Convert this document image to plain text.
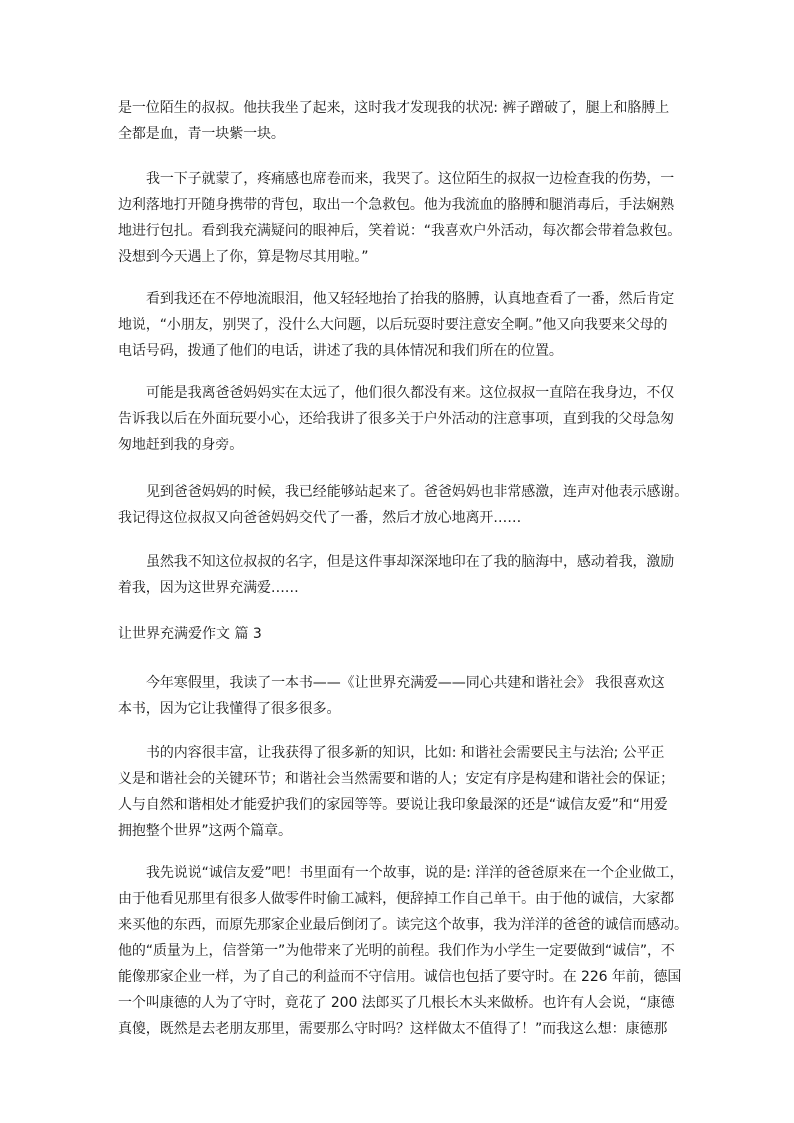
是一位陌生的叔叔。他扶我坐了起来，这时我才发现我的状况: 裤子蹭破了，腿上和胳膊上
全都是血，青一块紫一块。

我一下子就蒙了，疼痛感也席卷而来，我哭了。这位陌生的叔叔一边检查我的伤势，一
边利落地打开随身携带的背包，取出一个急救包。他为我流血的胳膊和腿消毒后，手法娴熟
地进行包扎。看到我充满疑问的眼神后，笑着说：“我喜欢户外活动，每次都会带着急救包。
没想到今天遇上了你，算是物尽其用啦。”

看到我还在不停地流眼泪，他又轻轻地抬了抬我的胳膊，认真地查看了一番，然后肯定
地说，“小朋友，别哭了，没什么大问题，以后玩耍时要注意安全啊。”他又向我要来父母的
电话号码，拨通了他们的电话，讲述了我的具体情况和我们所在的位置。

可能是我离爸爸妈妈实在太远了，他们很久都没有来。这位叔叔一直陪在我身边，不仅
告诉我以后在外面玩要小心，还给我讲了很多关于户外活动的注意事项，直到我的父母急匆
匆地赶到我的身旁。

见到爸爸妈妈的时候，我已经能够站起来了。爸爸妈妈也非常感激，连声对他表示感谢。
我记得这位叔叔又向爸爸妈妈交代了一番，然后才放心地离开……

虽然我不知这位叔叔的名字，但是这件事却深深地印在了我的脑海中，感动着我，激励
着我，因为这世界充满爱……

让世界充满爱作文 篇 3

今年寒假里，我读了一本书——《让世界充满爱——同心共建和谐社会》 我很喜欢这
本书，因为它让我懂得了很多很多。

书的内容很丰富，让我获得了很多新的知识，比如: 和谐社会需要民主与法治; 公平正
义是和谐社会的关键环节；和谐社会当然需要和谐的人；安定有序是构建和谐社会的保证；
人与自然和谐相处才能爱护我们的家园等等。要说让我印象最深的还是“诚信友爱”和“用爱
拥抱整个世界”这两个篇章。

我先说说“诚信友爱”吧！书里面有一个故事，说的是: 洋洋的爸爸原来在一个企业做工，
由于他看见那里有很多人做零件时偷工减料，便辞掉工作自己单干。由于他的诚信，大家都
来买他的东西，而原先那家企业最后倒闭了。读完这个故事，我为洋洋的爸爸的诚信而感动。
他的“质量为上，信誉第一”为他带来了光明的前程。我们作为小学生一定要做到“诚信”，不
能像那家企业一样，为了自己的利益而不守信用。诚信也包括了要守时。在 226 年前，德国
一个叫康德的人为了守时，竟花了 200 法郎买了几根长木头来做桥。也许有人会说，“康德
真傻，既然是去老朋友那里，需要那么守时吗？这样做太不值得了！”而我这么想：康德那
